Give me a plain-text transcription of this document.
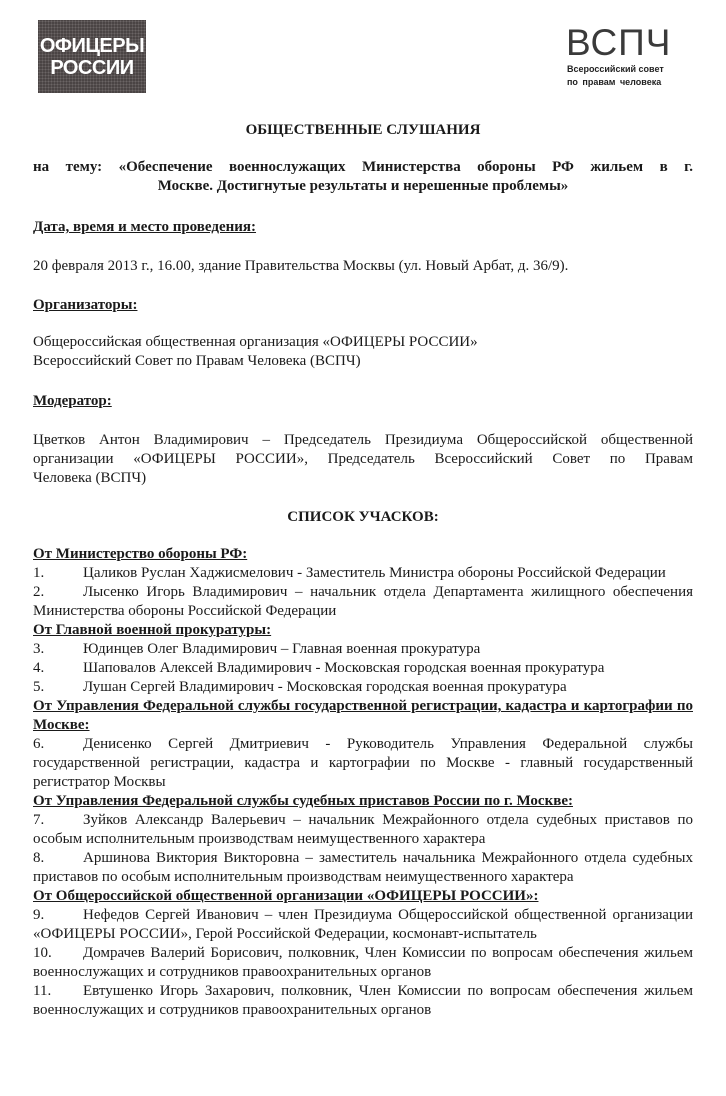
ОФИЦЕРЫ
РОССИИ
ВСПЧ
Всероссийский совет
по правам человека
ОБЩЕСТВЕННЫЕ СЛУШАНИЯ
на тему: «Обеспечение военнослужащих Министерства обороны РФ жильем в г.
Москве. Достигнутые результаты и нерешенные проблемы»
Дата, время и место проведения:
20 февраля 2013 г., 16.00, здание Правительства Москвы (ул. Новый Арбат, д. 36/9).
Организаторы:
Общероссийская общественная организация «ОФИЦЕРЫ РОССИИ»
Всероссийский Совет по Правам Человека (ВСПЧ)
Модератор:
Цветков Антон Владимирович – Председатель Президиума Общероссийской общественной
организации «ОФИЦЕРЫ РОССИИ», Председатель Всероссийский Совет по Правам
Человека (ВСПЧ)
СПИСОК УЧАСКОВ:
От Министерство обороны РФ:
1.	Цаликов Руслан Хаджисмелович - Заместитель Министра обороны Российской Федерации
2.	Лысенко Игорь Владимирович – начальник отдела Департамента жилищного обеспечения Министерства обороны Российской Федерации
От Главной военной прокуратуры:
3.	Юдинцев Олег Владимирович – Главная военная прокуратура
4.	Шаповалов Алексей Владимирович - Московская городская военная прокуратура
5.	Лушан Сергей Владимирович - Московская городская военная прокуратура
От Управления Федеральной службы государственной регистрации, кадастра и картографии по Москве:
6.	Денисенко Сергей Дмитриевич - Руководитель Управления Федеральной службы государственной регистрации, кадастра и картографии по Москве - главный государственный регистратор Москвы
От Управления Федеральной службы судебных приставов России по г. Москве:
7.	Зуйков Александр Валерьевич – начальник Межрайонного отдела судебных приставов по особым исполнительным производствам неимущественного характера
8.	Аршинова Виктория Викторовна – заместитель начальника Межрайонного отдела судебных приставов по особым исполнительным производствам неимущественного характера
От Общероссийской общественной организации «ОФИЦЕРЫ РОССИИ»:
9.	Нефедов Сергей Иванович – член Президиума Общероссийской общественной организации «ОФИЦЕРЫ РОССИИ», Герой Российской Федерации, космонавт-испытатель
10. Домрачев Валерий Борисович, полковник, Член Комиссии по вопросам обеспечения жильем военнослужащих и сотрудников правоохранительных органов
11. Евтушенко Игорь Захарович, полковник, Член Комиссии по вопросам обеспечения жильем военнослужащих и сотрудников правоохранительных органов
